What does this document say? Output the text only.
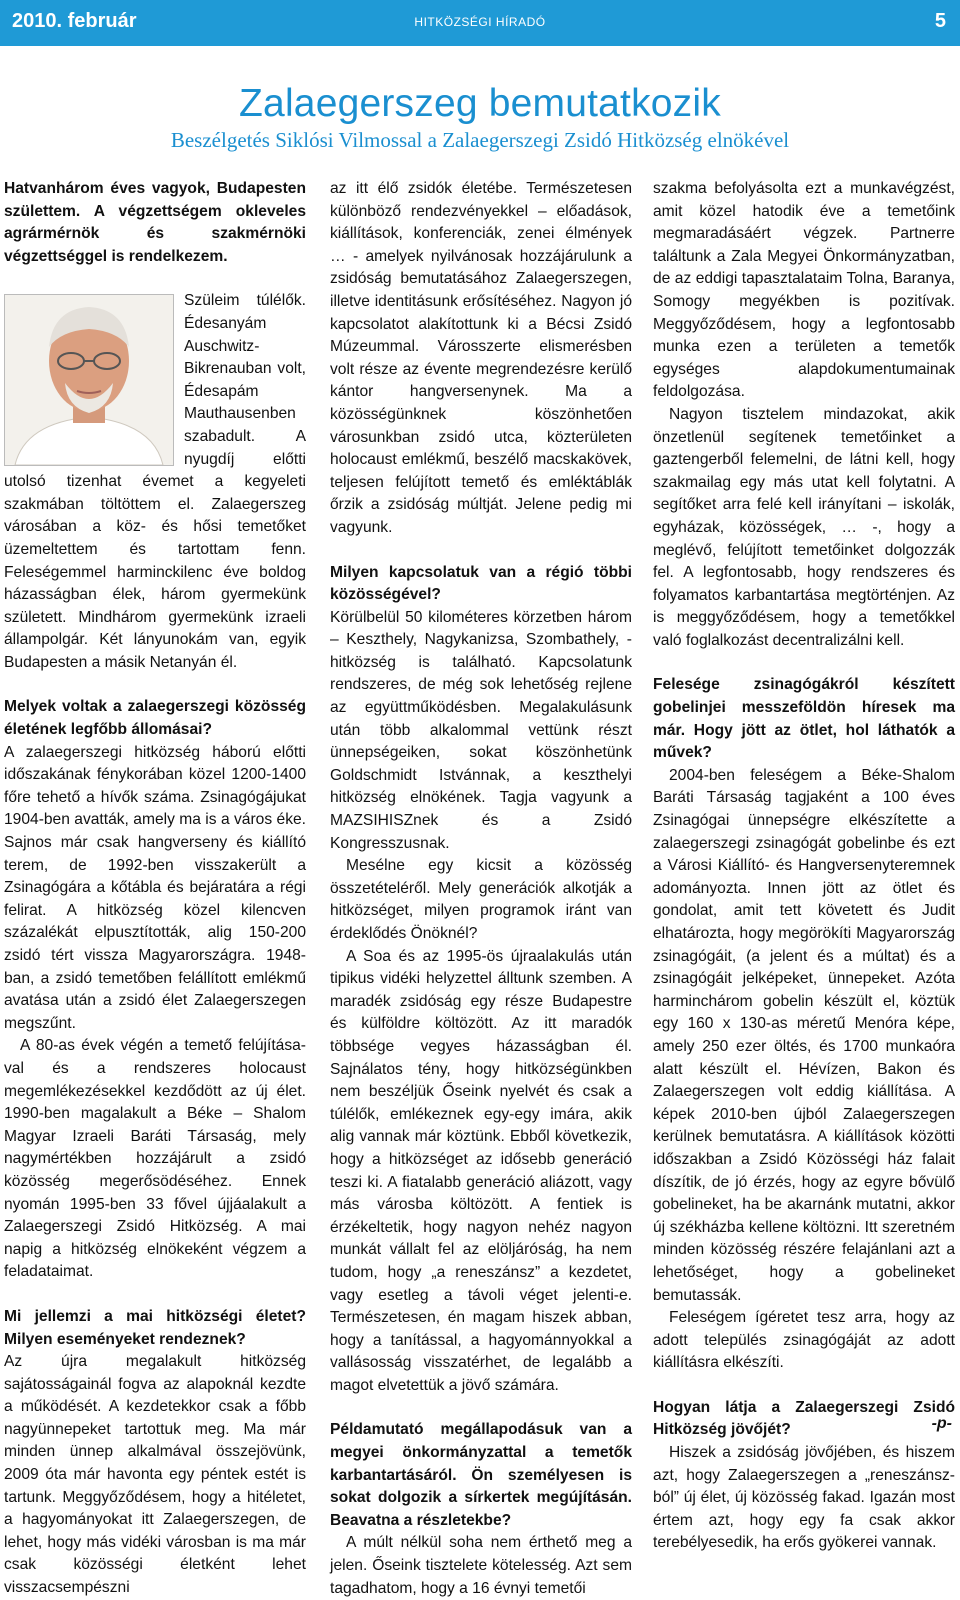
2010. február	HITKÖZSÉGI HÍRADÓ	5
Zalaegerszeg bemutatkozik
Beszélgetés Siklósi Vilmossal a Zalaegerszegi Zsidó Hitközség elnökével

Hatvanhárom éves vagyok, Budapesten születtem. A végzettségem okleveles agrármérnök és szakmérnöki végzettséggel is rendelkezem.

Szüleim túlélők. Édesanyám Auschwitz-Bikrenauban volt, Édesapám Mauthausenben szabadult. A nyugdíj előtti utolsó tizenhat évemet a kegyeleti szakmában töltöttem el. Zalaegerszeg városában a köz- és hősi temetőket üzemeltettem és tartottam fenn. Feleségemmel harminckilenc éve boldog házasságban élek, három gyermekünk született. Mindhárom gyermekünk izraeli állampolgár. Két lányunokám van, egyik Budapesten a másik Netanyán él.

Melyek voltak a zalaegerszegi közösség életének legfőbb állomásai?

A zalaegerszegi hitközség háború előtti időszakának fénykorában közel 1200-1400 főre tehető a hívők száma. Zsinagógájukat 1904-ben avatták, amely ma is a város éke. Sajnos már csak hangverseny és kiállító terem, de 1992-ben visszakerült a Zsinagógára a kőtábla és bejáratára a régi felirat. A hitközség közel kilencven százalékát elpusztították, alig 150-200 zsidó tért vissza Magyarországra. 1948-ban, a zsidó temetőben felállított emlékmű avatása után a zsidó élet Zalaegerszegen megszűnt.

A 80-as évek végén a temető felújítása-val és a rendszeres holocaust megemlékezésekkel kezdődött az új élet. 1990-ben magalakult a Béke – Shalom Magyar Izraeli Baráti Társaság, mely nagymértékben hozzájárult a zsidó közösség megerősödéséhez. Ennek nyomán 1995-ben 33 fővel újjáalakult a Zalaegerszegi Zsidó Hitközség. A mai napig a hitközség elnökeként végzem a feladataimat.

Mi jellemzi a mai hitközségi életet? Milyen eseményeket rendeznek?

Az újra megalakult hitközség sajátosságainál fogva az alapoknál kezdte a működését. A kezdetekkor csak a főbb nagyünnepeket tartottuk meg. Ma már minden ünnep alkalmával összejövünk, 2009 óta már havonta egy péntek estét is tartunk. Meggyőződésem, hogy a hitéletet, a hagyományokat itt Zalaegerszegen, de lehet, hogy más vidéki városban is ma már csak közösségi életként lehet visszacsempészni

az itt élő zsidók életébe. Természetesen különböző rendezvényekkel – előadások, kiállítások, konferenciák, zenei élmények … - amelyek nyilvánosak hozzájárulunk a zsidóság bemutatásához Zalaegerszegen, illetve identitásunk erősítéséhez. Nagyon jó kapcsolatot alakítottunk ki a Bécsi Zsidó Múzeummal. Városszerte elismerésben volt része az évente megrendezésre kerülő kántor hangversenynek. Ma a közösségünknek köszönhetően városunkban zsidó utca, közterületen holocaust emlékmű, beszélő macskakövek, teljesen felújított temető és emléktáblák őrzik a zsidóság múltját. Jelene pedig mi vagyunk.

Milyen kapcsolatuk van a régió többi közösségével?

Körülbelül 50 kilométeres körzetben három – Keszthely, Nagykanizsa, Szombathely, - hitközség is található. Kapcsolatunk rendszeres, de még sok lehetőség rejlene az együttműködésben. Megalakulásunk után több alkalommal vettünk részt ünnepségeiken, sokat köszönhetünk Goldschmidt Istvánnak, a keszthelyi hitközség elnökének. Tagja vagyunk a MAZSIHISZnek és a Zsidó Kongresszusnak.

Mesélne egy kicsit a közösség összetételéről. Mely generációk alkotják a hitközséget, milyen programok iránt van érdeklődés Önöknél?

A Soa és az 1995-ös újraalakulás után tipikus vidéki helyzettel álltunk szemben. A maradék zsidóság egy része Budapestre és külföldre költözött. Az itt maradók többsége vegyes házasságban él. Sajnálatos tény, hogy hitközségünkben nem beszéljük Őseink nyelvét és csak a túlélők, emlékeznek egy-egy imára, akik alig vannak már köztünk. Ebből következik, hogy a hitközséget az idősebb generáció teszi ki. A fiatalabb generáció aliázott, vagy más városba költözött. A fentiek is érzékeltetik, hogy nagyon nehéz nagyon munkát vállalt fel az elöljáróság, ha nem tudom, hogy „a reneszánsz” a kezdetet, vagy esetleg a távoli véget jelenti-e. Természetesen, én magam hiszek abban, hogy a tanítással, a hagyománnyokkal a vallásosság visszatérhet, de legalább a magot elvetettük a jövő számára.

Példamutató megállapodásuk van a megyei önkormányzattal a temetők karbantartásáról. Ön személyesen is sokat dolgozik a sírkertek megújításán. Beavatna a részletekbe?

A múlt nélkül soha nem érthető meg a jelen. Őseink tisztelete kötelesség. Azt sem tagadhatom, hogy a 16 évnyi temetői

szakma befolyásolta ezt a munkavégzést, amit közel hatodik éve a temetőink megmaradásáért végzek. Partnerre találtunk a Zala Megyei Önkormányzatban, de az eddigi tapasztalataim Tolna, Baranya, Somogy megyékben is pozitívak. Meggyőződésem, hogy a legfontosabb munka ezen a területen a temetők egységes alapdokumentumainak feldolgozása.

Nagyon tisztelem mindazokat, akik önzetlenül segítenek temetőinket a gaztengerből felemelni, de látni kell, hogy szakmailag egy más utat kell folytatni. A segítőket arra felé kell irányítani – iskolák, egyházak, közösségek, … -, hogy a meglévő, felújított temetőinket dolgozzák fel. A legfontosabb, hogy rendszeres és folyamatos karbantartása megtörténjen. Az is meggyőződésem, hogy a temetőkkel való foglalkozást decentralizálni kell.

Felesége zsinagógákról készített gobelinjei messzeföldön híresek ma már. Hogy jött az ötlet, hol láthatók a művek?

2004-ben feleségem a Béke-Shalom Baráti Társaság tagjaként a 100 éves Zsinagógai ünnepségre elkészítette a zalaegerszegi zsinagógát gobelinbe és ezt a Városi Kiállító- és Hangversenyteremnek adományozta. Innen jött az ötlet és gondolat, amit tett követett és Judit elhatározta, hogy megörökíti Magyarország zsinagógáit, (a jelent és a múltat) és a zsinagógáit jelképeket, ünnepeket. Azóta harminchárom gobelin készült el, köztük egy 160 x 130-as méretű Menóra képe, amely 250 ezer öltés, és 1700 munkaóra alatt készült el. Hévízen, Bakon és Zalaegerszegen volt eddig kiállítása. A képek 2010-ben újból Zalaegerszegen kerülnek bemutatásra. A kiállítások közötti időszakban a Zsidó Közösségi ház falait díszítik, de jó érzés, hogy az egyre bővülő gobelineket, ha be akarnánk mutatni, akkor új székházba kellene költözni. Itt szeretném minden közösség részére felajánlani azt a lehetőséget, hogy a gobelineket bemutassák.

Feleségem ígéretet tesz arra, hogy az adott település zsinagógáját az adott kiállításra elkészíti.

Hogyan látja a Zalaegerszegi Zsidó Hitközség jövőjét?

Hiszek a zsidóság jövőjében, és hiszem azt, hogy Zalaegerszegen a „reneszánsz-ból” új élet, új közösség fakad. Igazán most értem azt, hogy egy fa csak akkor terebélyesedik, ha erős gyökerei vannak.

-p-
